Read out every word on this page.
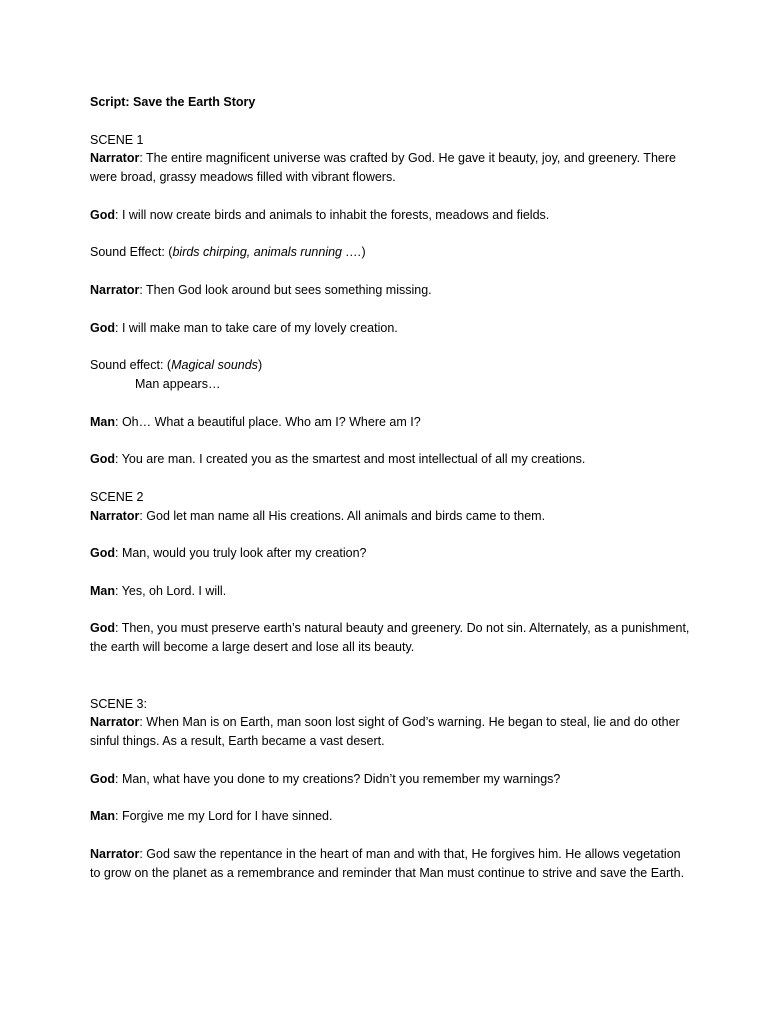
Script: Save the Earth Story
SCENE 1
Narrator: The entire magnificent universe was crafted by God. He gave it beauty, joy, and greenery. There were broad, grassy meadows filled with vibrant flowers.
God: I will now create birds and animals to inhabit the forests, meadows and fields.
Sound Effect: (birds chirping, animals running ….)
Narrator: Then God look around but sees something missing.
God: I will make man to take care of my lovely creation.
Sound effect: (Magical sounds)
Man appears…
Man: Oh… What a beautiful place. Who am I? Where am I?
God: You are man. I created you as the smartest and most intellectual of all my creations.
SCENE 2
Narrator: God let man name all His creations. All animals and birds came to them.
God: Man, would you truly look after my creation?
Man: Yes, oh Lord. I will.
God: Then, you must preserve earth’s natural beauty and greenery. Do not sin. Alternately, as a punishment, the earth will become a large desert and lose all its beauty.
SCENE 3:
Narrator: When Man is on Earth, man soon lost sight of God’s warning. He began to steal, lie and do other sinful things. As a result, Earth became a vast desert.
God: Man, what have you done to my creations? Didn’t you remember my warnings?
Man: Forgive me my Lord for I have sinned.
Narrator: God saw the repentance in the heart of man and with that, He forgives him. He allows vegetation to grow on the planet as a remembrance and reminder that Man must continue to strive and save the Earth.
